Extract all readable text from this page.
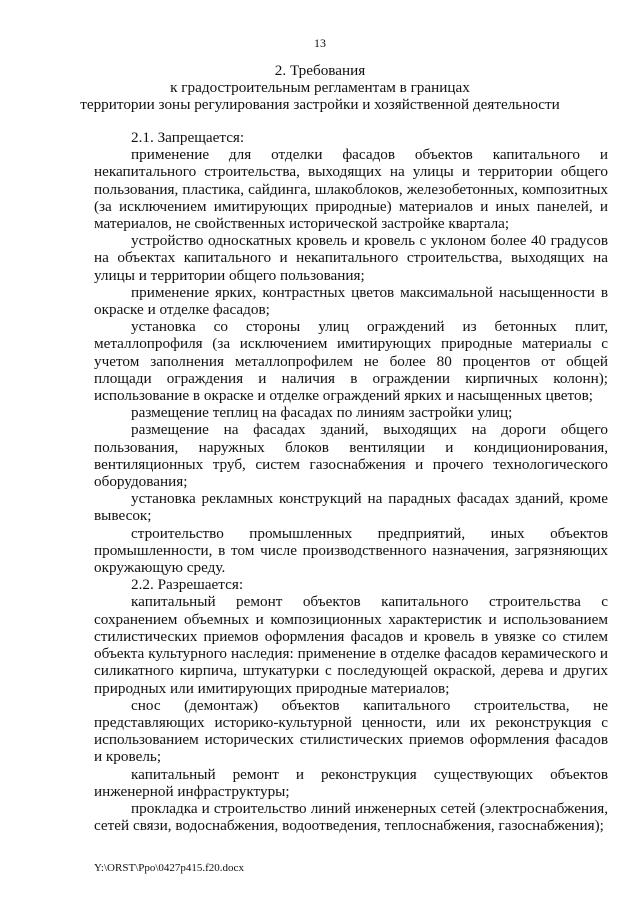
13
2. Требования
к градостроительным регламентам в границах
территории зоны регулирования застройки и хозяйственной деятельности

2.1. Запрещается:

применение для отделки фасадов объектов капитального и некапитального строительства, выходящих на улицы и территории общего пользования, пластика, сайдинга, шлакоблоков, железобетонных, композитных (за исключением имитирующих природные) материалов и иных панелей, и материалов, не свойственных исторической застройке квартала;

устройство односкатных кровель и кровель с уклоном более 40 градусов на объектах капитального и некапитального строительства, выходящих на улицы и территории общего пользования;

применение ярких, контрастных цветов максимальной насыщенности в окраске и отделке фасадов;

установка со стороны улиц ограждений из бетонных плит, металлопрофиля (за исключением имитирующих природные материалы с учетом заполнения металлопрофилем не более 80 процентов от общей площади ограждения и наличия в ограждении кирпичных колонн); использование в окраске и отделке ограждений ярких и насыщенных цветов;

размещение теплиц на фасадах по линиям застройки улиц;

размещение на фасадах зданий, выходящих на дороги общего пользования, наружных блоков вентиляции и кондиционирования, вентиляционных труб, систем газоснабжения и прочего технологического оборудования;

установка рекламных конструкций на парадных фасадах зданий, кроме вывесок;

строительство промышленных предприятий, иных объектов промышленности, в том числе производственного назначения, загрязняющих окружающую среду.

2.2. Разрешается:

капитальный ремонт объектов капитального строительства с сохранением объемных и композиционных характеристик и использованием стилистических приемов оформления фасадов и кровель в увязке со стилем объекта культурного наследия: применение в отделке фасадов керамического и силикатного кирпича, штукатурки с последующей окраской, дерева и других природных или имитирующих природные материалов;

снос (демонтаж) объектов капитального строительства, не представляющих историко-культурной ценности, или их реконструкция с использованием исторических стилистических приемов оформления фасадов и кровель;

капитальный ремонт и реконструкция существующих объектов инженерной инфраструктуры;

прокладка и строительство линий инженерных сетей (электроснабжения, сетей связи, водоснабжения, водоотведения, теплоснабжения, газоснабжения);

Y:\ORST\Ppo\0427p415.f20.docx
